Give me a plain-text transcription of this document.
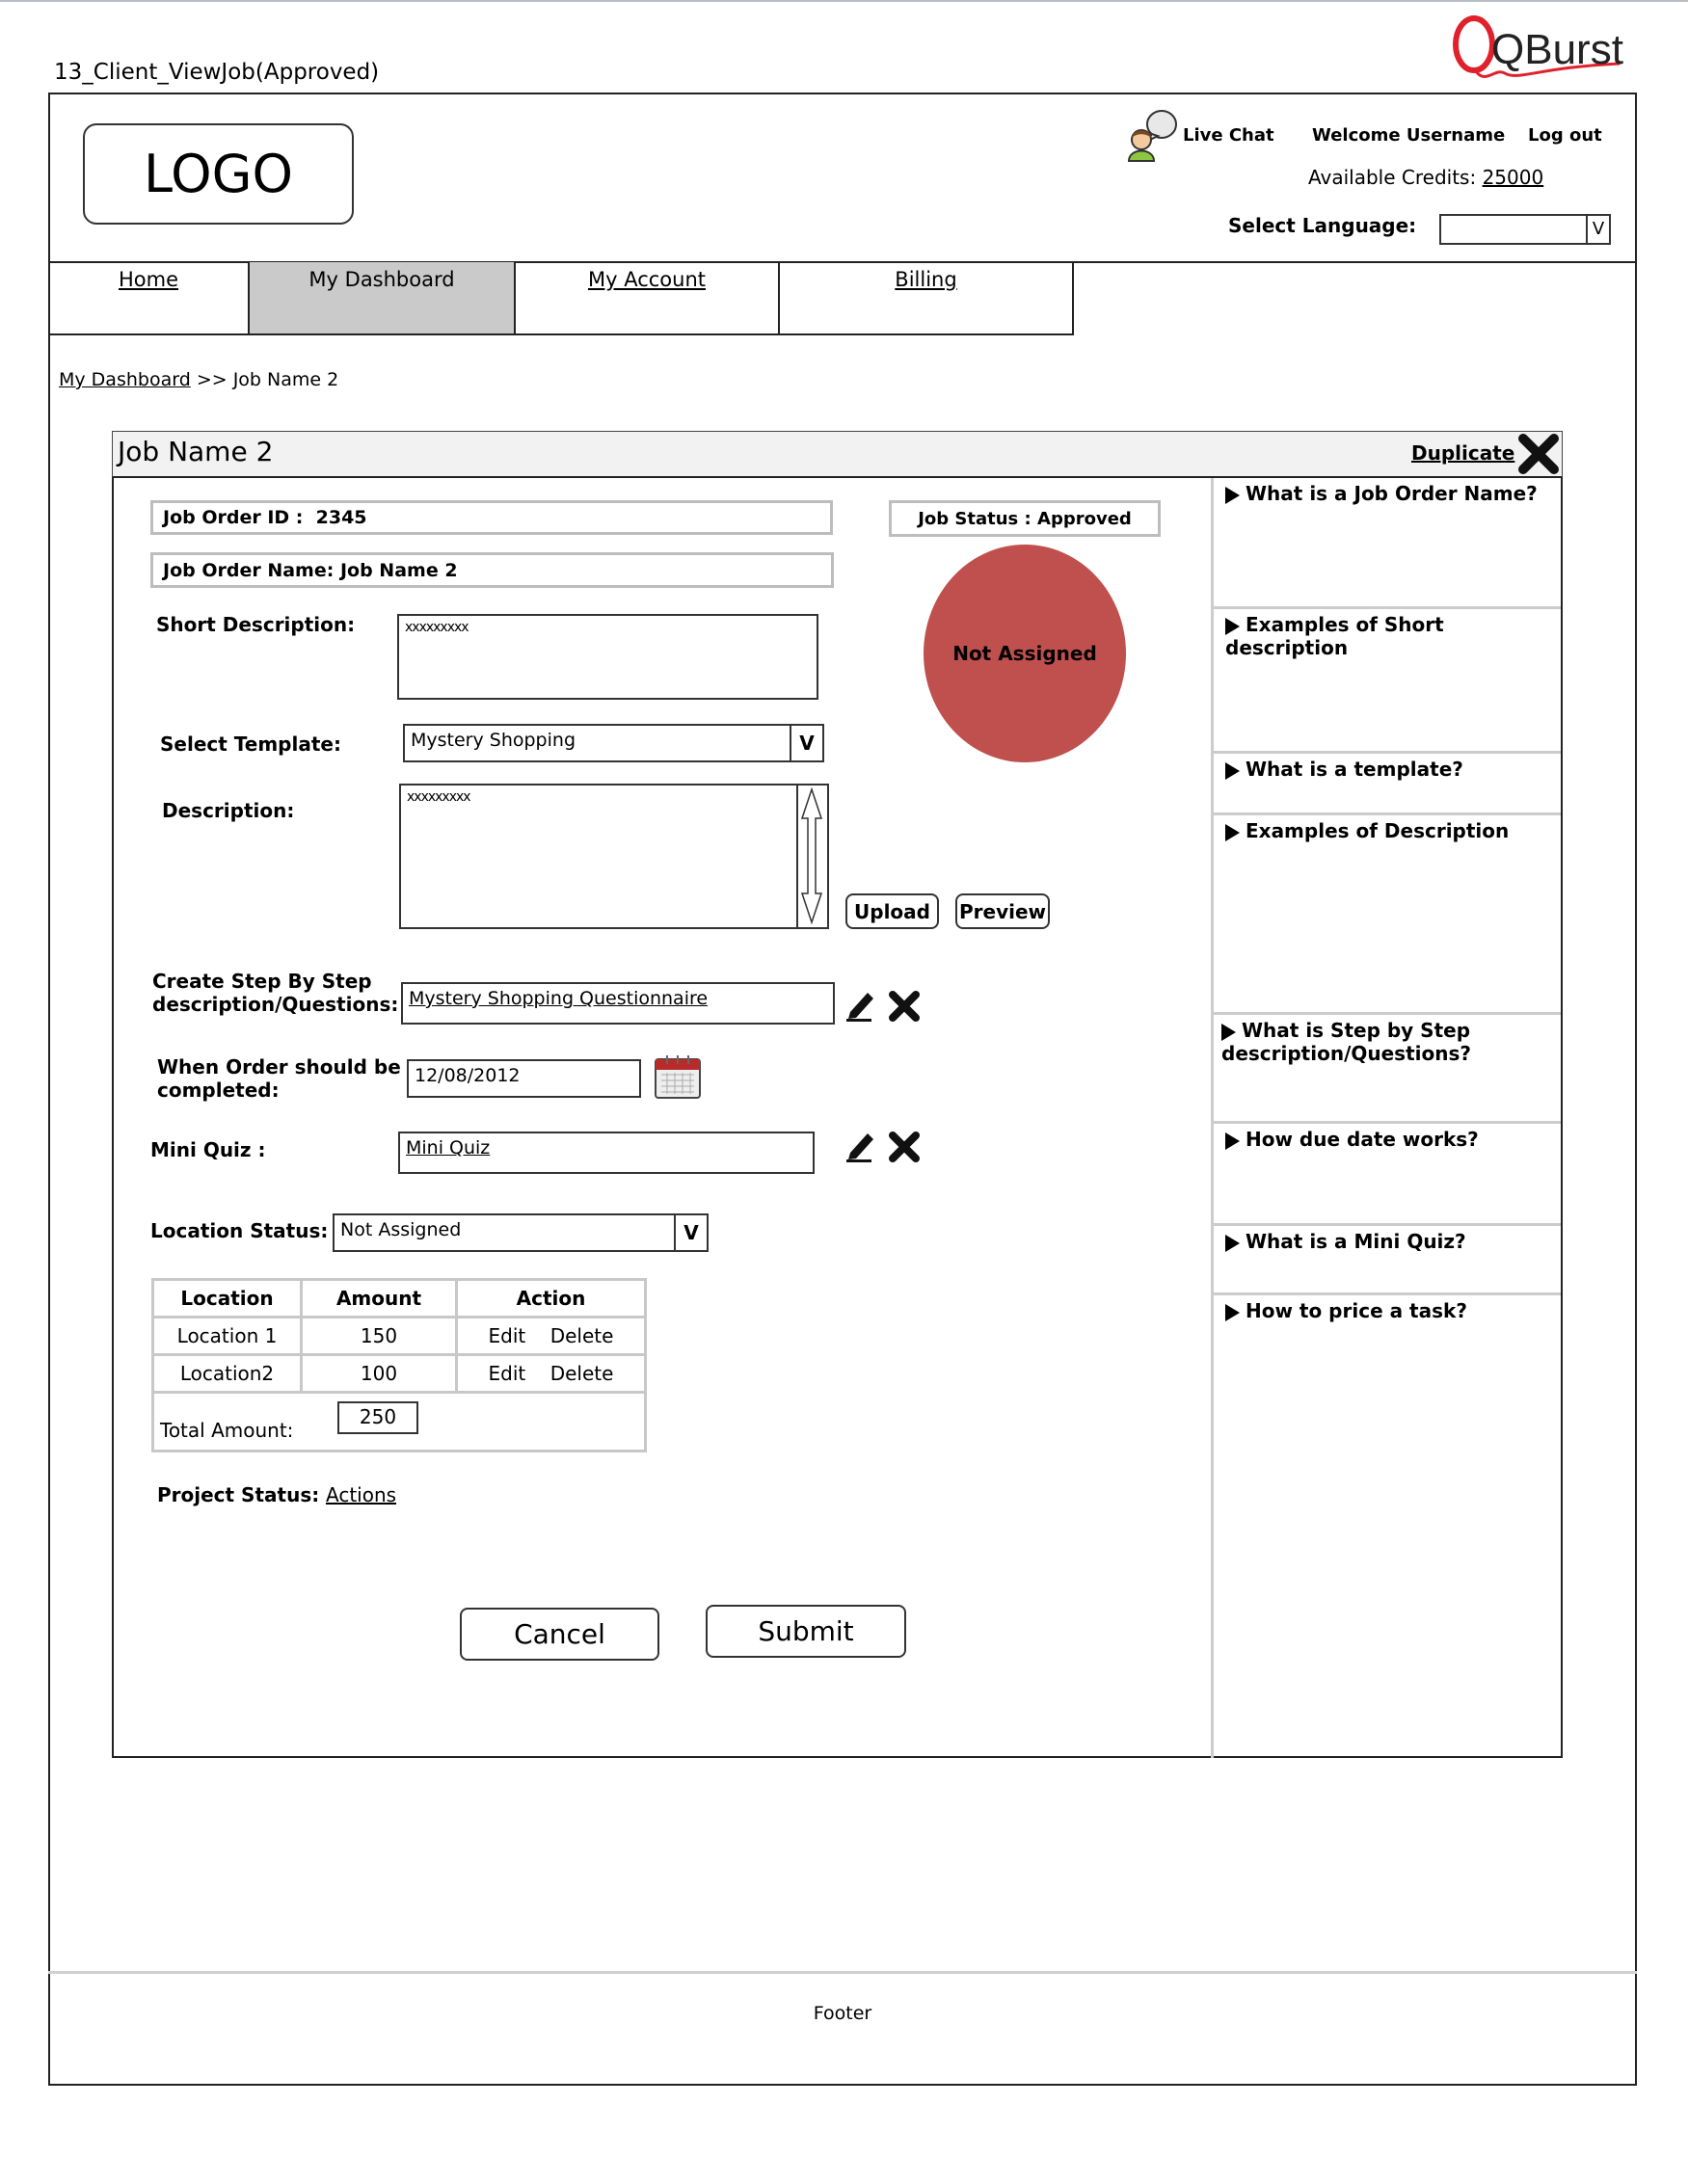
13_Client_ViewJob(Approved)	QBurst
LOGO
Live Chat Welcome Username Log out
Available Credits: 25000
Select Language:	V
Home	My Dashboard	My Account	Billing
My Dashboard >> Job Name 2
Job Name 2	Duplicate
Job Order ID :
2345
Job Order Name:
Job Name 2
Job Status :
Approved
Not Assigned
Short Description:	xxxxxxxxx
Select Template:	Mystery Shopping	V
Description:
xxxxxxxxx
Upload	Preview
Create Step By Step
description/Questions: Mystery Shopping Questionnaire
When Order should be
completed:
12/08/2012
Mini Quiz :	Mini Quiz
Location Status: Not Assigned	V
Location	Amount	Action
Location 1	150	Edit Delete
Location2	100	Edit Delete

Total Amount:
250		
Project Status: Actions
Cancel	Submit
What is a Job Order Name?
Examples of Short description
What is a template?
Examples of Description
What is Step by Step description/Questions?
How due date works?
What is a Mini Quiz?
How to price a task?
Footer
